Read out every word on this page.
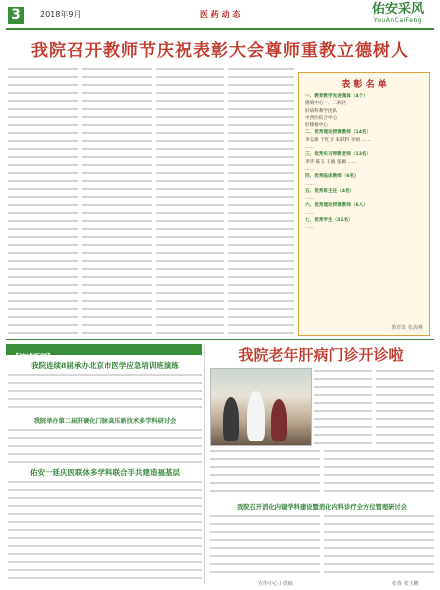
3	2018年9月	医 药 动 态	佑安采风
YouAnCaiFeng
我院召开教师节庆祝表彰大会尊师重教立德树人
表 彰 名 单
一、教育教学先进集体（4个）
感染中心一、二病区
肝病科教学团队
中西医结合中心
肝移植中心
二、优秀理论授课教师（14名）
李志新 于红卫 朱跃科 李炳 ……
……
三、优秀实习带教老师（13名）
李华 陈玉 王敏 张颖 ……
……
四、优秀临床教师（6名）
……
五、优秀班主任（4名）
……
六、优秀理论授课教师（6人）
……
七、优秀学生（31名）
……
教育处 张海燕
【综述新闻】
我院连续8届承办北京市医学应急培训班演练
我院举办第二届肝硬化门脉高压新技术多学科研讨会
佑安一延庆医联体多学科联合手共建造福基层
我院老年肝病门诊开诊啦
我院召开消化内镜学科建设暨消化内科诊疗全方位管理研讨会
宣传中心 / 供稿	张春 张玉鹏
